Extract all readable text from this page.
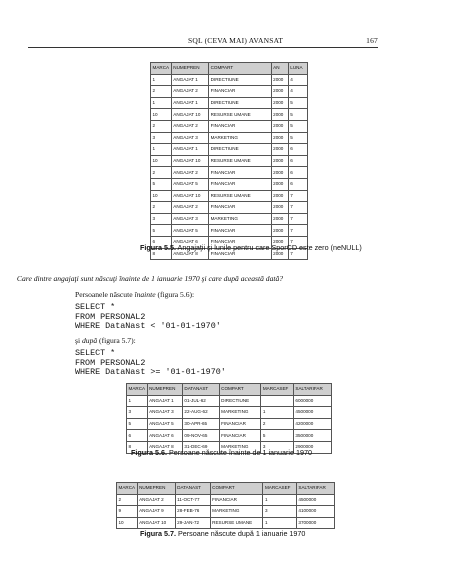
SQL (CEVA MAI) AVANSAT	167
MARCA	NUMEPREN	COMPART	AN	LUNA
1	ANGAJAT 1	DIRECTIUNE	2000	4
2	ANGAJAT 2	FINANCIAR	2000	4
1	ANGAJAT 1	DIRECTIUNE	2000	5
10	ANGAJAT 10	RESURSE UMANE	2000	5
2	ANGAJAT 2	FINANCIAR	2000	5
3	ANGAJAT 3	MARKETING	2000	5
1	ANGAJAT 1	DIRECTIUNE	2000	6
10	ANGAJAT 10	RESURSE UMANE	2000	6
2	ANGAJAT 2	FINANCIAR	2000	6
5	ANGAJAT 5	FINANCIAR	2000	6
10	ANGAJAT 10	RESURSE UMANE	2000	7
2	ANGAJAT 2	FINANCIAR	2000	7
3	ANGAJAT 3	MARKETING	2000	7
5	ANGAJAT 5	FINANCIAR	2000	7
6	ANGAJAT 6	FINANCIAR	2000	7
8	ANGAJAT 8	FINANCIAR	2000	7
Figura 5.5. Angajaţii şi lunile pentru care SporCD este zero (neNULL)
Care dintre angajaţi sunt născuţi înainte de 1 ianuarie 1970 şi care după această dată?
Persoanele născute înainte (figura 5.6):
SELECT *
FROM PERSONAL2
WHERE DataNast < '01-01-1970'
şi după (figura 5.7):
SELECT *
FROM PERSONAL2
WHERE DataNast >= '01-01-1970'
MARCA	NUMEPREN	DATANAST	COMPART	MARCASEF	SALTARIFAR
1	ANGAJAT 1	01-JUL-62	DIRECTIUNE		6000000
3	ANGAJAT 3	22-AUG-62	MARKETING	1	4500000
5	ANGAJAT 5	30-APR-65	FINANCIAR	2	4200000
6	ANGAJAT 6	09-NOV-65	FINANCIAR	5	3500000
8	ANGAJAT 8	31-DEC-69	MARKETING	3	2900000
Figura 5.6. Persoane născute înainte de 1 ianuarie 1970
MARCA	NUMEPREN	DATANAST	COMPART	MARCASEF	SALTARIFAR
2	ANGAJAT 2	11-OCT-77	FINANCIAR	1	4500000
9	ANGAJAT 9	28-FEB-76	MARKETING	3	4100000
10	ANGAJAT 10	29-JAN-72	RESURSE UMANE	1	3700000
Figura 5.7. Persoane născute după 1 ianuarie 1970
